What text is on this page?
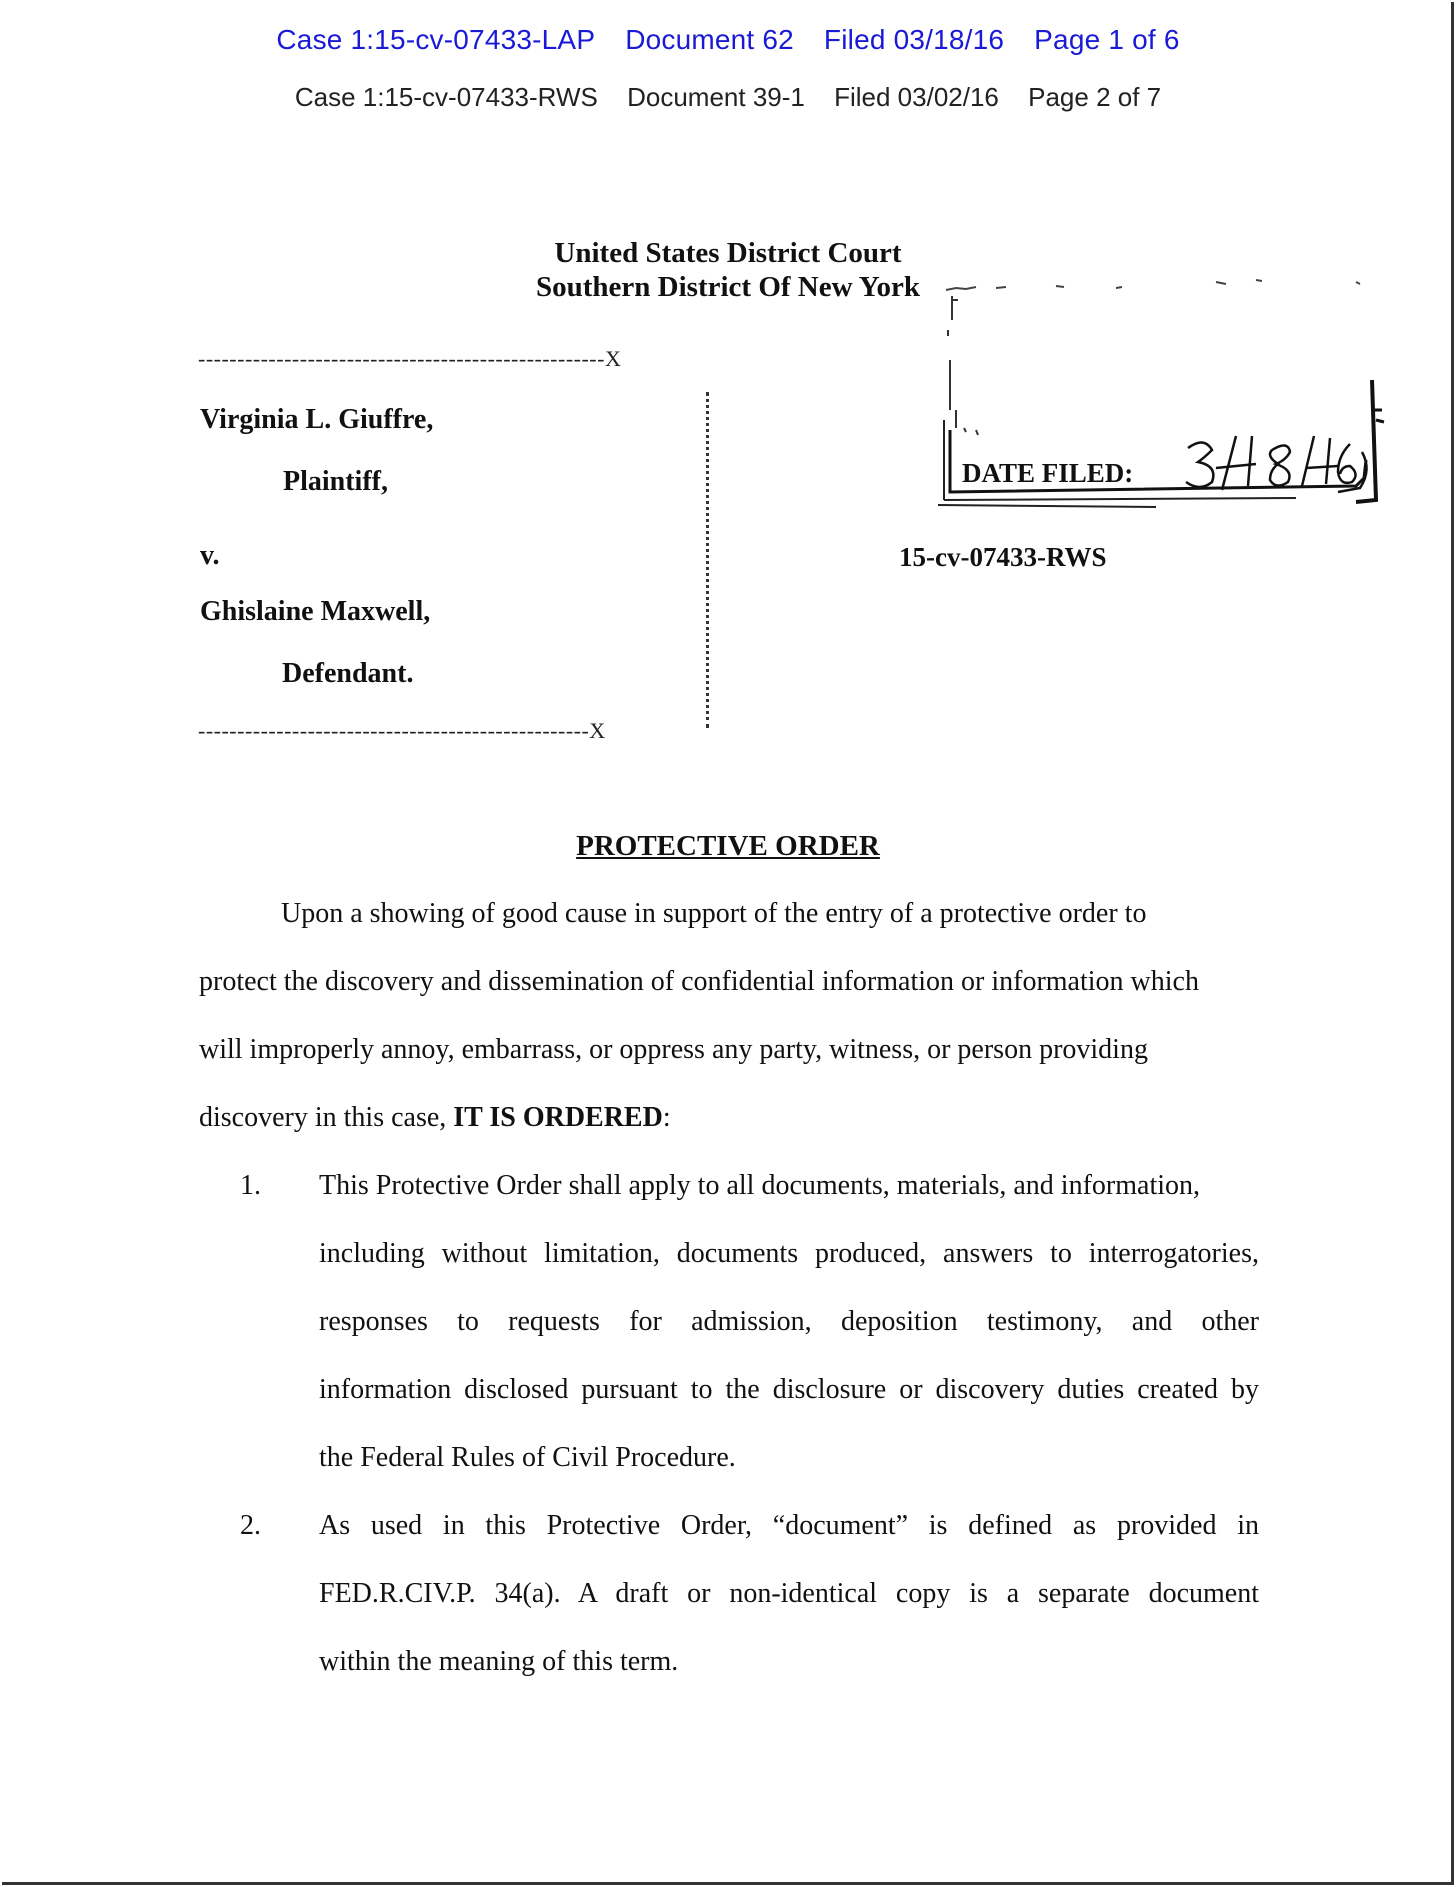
Case 1:15-cv-07433-LAP Document 62 Filed 03/18/16 Page 1 of 6
Case 1:15-cv-07433-RWS Document 39-1 Filed 03/02/16 Page 2 of 7
United States District Court
Southern District Of New York
----------------------------------------------------X
Virginia L. Giuffre,
Plaintiff,
v.
Ghislaine Maxwell,
Defendant.
--------------------------------------------------X
15-cv-07433-RWS
DATE FILED:
PROTECTIVE ORDER
Upon a showing of good cause in support of the entry of a protective order to
protect the discovery and dissemination of confidential information or information which
will improperly annoy, embarrass, or oppress any party, witness, or person providing
discovery in this case, IT IS ORDERED:
1. This Protective Order shall apply to all documents, materials, and information,
including without limitation, documents produced, answers to interrogatories,
responses to requests for admission, deposition testimony, and other
information disclosed pursuant to the disclosure or discovery duties created by
the Federal Rules of Civil Procedure.
2. As used in this Protective Order, “document” is defined as provided in
FED.R.CIV.P. 34(a). A draft or non-identical copy is a separate document
within the meaning of this term.
